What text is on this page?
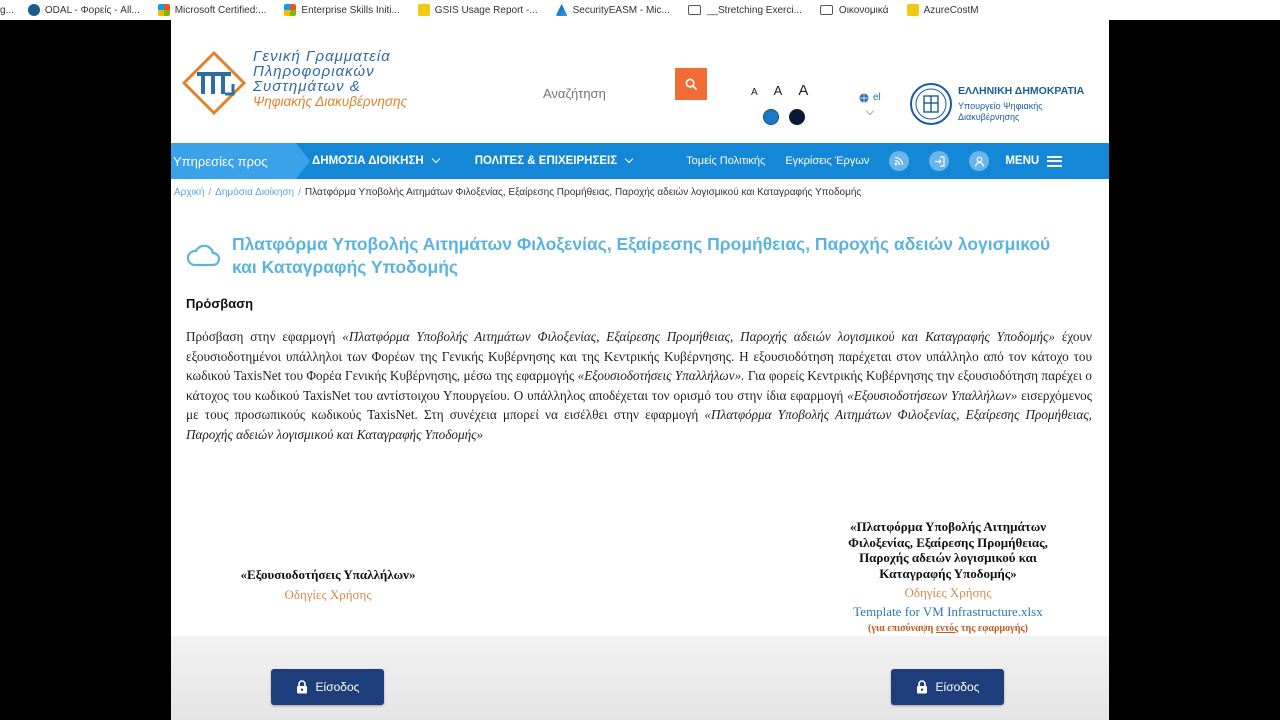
g...	ODAL - Φορείς - All...	Microsoft Certified:...	Enterprise Skills Initi...	GSIS Usage Report -...	SecurityEASM - Mic...	__Stretching Exerci...	Οικονομικά	AzureCostM
Γενική Γραμματεία
Πληροφοριακών
Συστημάτων &
Ψηφιακής Διακυβέρνησης
Αναζήτηση
A A A	el
ΕΛΛΗΝΙΚΗ ΔΗΜΟΚΡΑΤΙΑ
Υπουργείο Ψηφιακής
Διακυβέρνησης
Υπηρεσίες προς	ΔΗΜΟΣΙΑ ΔΙΟΙΚΗΣΗ	ΠΟΛΙΤΕΣ & ΕΠΙΧΕΙΡΗΣΕΙΣ	Τομείς Πολιτικής Εγκρίσεις Έργων	MENU
Αρχική / Δημόσια Διοίκηση / Πλατφόρμα Υποβολής Αιτημάτων Φιλοξενίας, Εξαίρεσης Προμήθειας, Παροχής αδειών λογισμικού και Καταγραφής Υποδομής
Πλατφόρμα Υποβολής Αιτημάτων Φιλοξενίας, Εξαίρεσης Προμήθειας, Παροχής αδειών λογισμικού και Καταγραφής Υποδομής
Πρόσβαση
Πρόσβαση στην εφαρμογή «Πλατφόρμα Υποβολής Αιτημάτων Φιλοξενίας, Εξαίρεσης Προμήθειας, Παροχής αδειών λογισμικού και Καταγραφής Υποδομής» έχουν εξουσιοδοτημένοι υπάλληλοι των Φορέων της Γενικής Κυβέρνησης και της Κεντρικής Κυβέρνησης. Η εξουσιοδότηση παρέχεται στον υπάλληλο από τον κάτοχο του κωδικού TaxisNet του Φορέα Γενικής Κυβέρνησης, μέσω της εφαρμογής «Εξουσιοδοτήσεις Υπαλλήλων». Για φορείς Κεντρικής Κυβέρνησης την εξουσιοδότηση παρέχει ο κάτοχος του κωδικού TaxisNet του αντίστοιχου Υπουργείου. Ο υπάλληλος αποδέχεται τον ορισμό του στην ίδια εφαρμογή «Εξουσιοδοτήσεων Υπαλλήλων» εισερχόμενος με τους προσωπικούς κωδικούς TaxisNet. Στη συνέχεια μπορεί να εισέλθει στην εφαρμογή «Πλατφόρμα Υποβολής Αιτημάτων Φιλοξενίας, Εξαίρεσης Προμήθειας, Παροχής αδειών λογισμικού και Καταγραφής Υποδομής»
«Εξουσιοδοτήσεις Υπαλλήλων»
Οδηγίες Χρήσης
«Πλατφόρμα Υποβολής Αιτημάτων
Φιλοξενίας, Εξαίρεσης Προμήθειας,
Παροχής αδειών λογισμικού και
Καταγραφής Υποδομής»
Οδηγίες Χρήσης
Template for VM Infrastructure.xlsx
(για επισύναψη εντός της εφαρμογής)
Είσοδος	Είσοδος
